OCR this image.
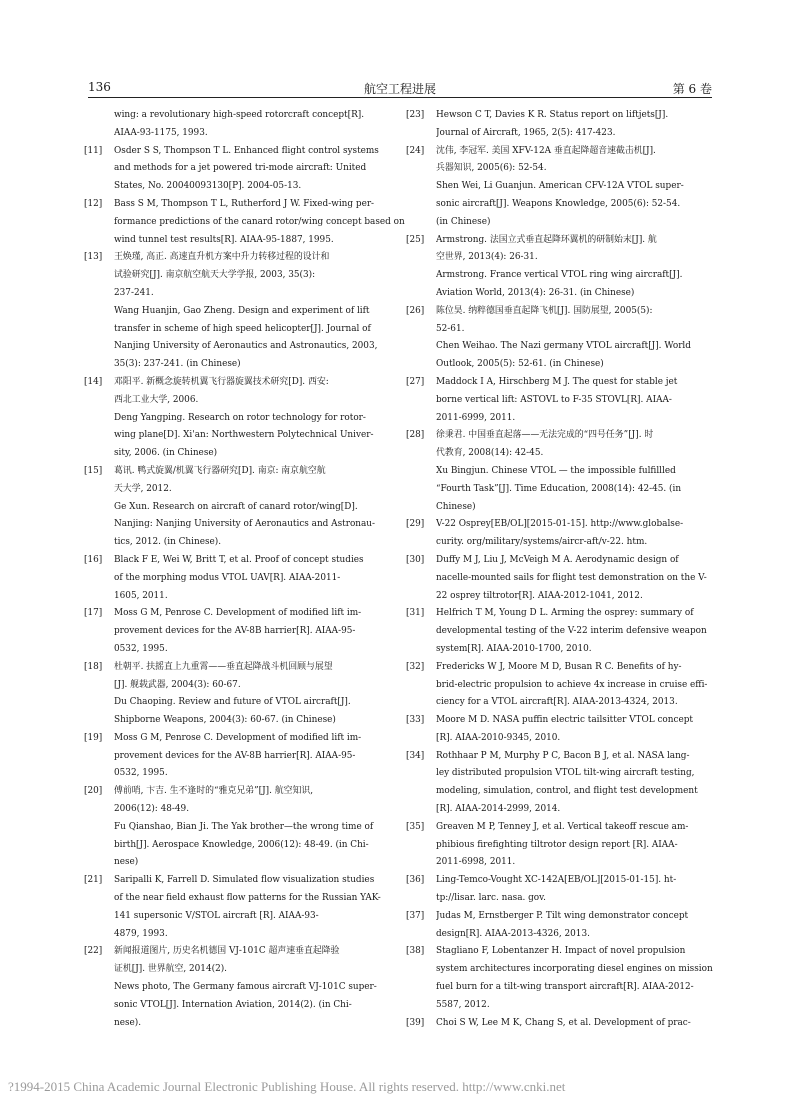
136	航空工程进展	第 6 卷
wing: a revolutionary high-speed rotorcraft concept[R].
AIAA-93-1175, 1993.
[11]	Osder S S, Thompson T L. Enhanced flight control systems
and methods for a jet powered tri-mode aircraft: United
States, No. 20040093130[P]. 2004-05-13.
[12]	Bass S M, Thompson T L, Rutherford J W. Fixed-wing per-
formance predictions of the canard rotor/wing concept based on
wind tunnel test results[R]. AIAA-95-1887, 1995.
[13]	王焕瑾, 高正. 高速直升机方案中升力转移过程的设计和
试验研究[J]. 南京航空航天大学学报, 2003, 35(3):
237-241.
Wang Huanjin, Gao Zheng. Design and experiment of lift
transfer in scheme of high speed helicopter[J]. Journal of
Nanjing University of Aeronautics and Astronautics, 2003,
35(3): 237-241. (in Chinese)
[14]	邓阳平. 新概念旋转机翼飞行器旋翼技术研究[D]. 西安:
西北工业大学, 2006.
Deng Yangping. Research on rotor technology for rotor-
wing plane[D]. Xi'an: Northwestern Polytechnical Univer-
sity, 2006. (in Chinese)
[15]	葛讯. 鸭式旋翼/机翼飞行器研究[D]. 南京: 南京航空航
天大学, 2012.
Ge Xun. Research on aircraft of canard rotor/wing[D].
Nanjing: Nanjing University of Aeronautics and Astronau-
tics, 2012. (in Chinese).
[16]	Black F E, Wei W, Britt T, et al. Proof of concept studies
of the morphing modus VTOL UAV[R]. AIAA-2011-
1605, 2011.
[17]	Moss G M, Penrose C. Development of modified lift im-
provement devices for the AV-8B harrier[R]. AIAA-95-
0532, 1995.
[18]	杜朝平. 扶摇直上九重霄——垂直起降战斗机回顾与展望
[J]. 舰载武器, 2004(3): 60-67.
Du Chaoping. Review and future of VTOL aircraft[J].
Shipborne Weapons, 2004(3): 60-67. (in Chinese)
[19]	Moss G M, Penrose C. Development of modified lift im-
provement devices for the AV-8B harrier[R]. AIAA-95-
0532, 1995.
[20]	傅前哨, 卞吉. 生不逢时的“雅克兄弟”[J]. 航空知识,
2006(12): 48-49.
Fu Qianshao, Bian Ji. The Yak brother—the wrong time of
birth[J]. Aerospace Knowledge, 2006(12): 48-49. (in Chi-
nese)
[21]	Saripalli K, Farrell D. Simulated flow visualization studies
of the near field exhaust flow patterns for the Russian YAK-
141 supersonic V/STOL aircraft [R]. AIAA-93-
4879, 1993.
[22]	新闻报道图片, 历史名机德国 VJ-101C 超声速垂直起降验
证机[J]. 世界航空, 2014(2).
News photo, The Germany famous aircraft VJ-101C super-
sonic VTOL[J]. Internation Aviation, 2014(2). (in Chi-
nese).
[23]	Hewson C T, Davies K R. Status report on liftjets[J].
Journal of Aircraft, 1965, 2(5): 417-423.
[24]	沈伟, 李冠军. 美国 XFV-12A 垂直起降超音速截击机[J].
兵器知识, 2005(6): 52-54.
Shen Wei, Li Guanjun. American CFV-12A VTOL super-
sonic aircraft[J]. Weapons Knowledge, 2005(6): 52-54.
(in Chinese)
[25]	Armstrong. 法国立式垂直起降环翼机的研制始末[J]. 航
空世界, 2013(4): 26-31.
Armstrong. France vertical VTOL ring wing aircraft[J].
Aviation World, 2013(4): 26-31. (in Chinese)
[26]	陈位昊. 纳粹德国垂直起降飞机[J]. 国防展望, 2005(5):
52-61.
Chen Weihao. The Nazi germany VTOL aircraft[J]. World
Outlook, 2005(5): 52-61. (in Chinese)
[27]	Maddock I A, Hirschberg M J. The quest for stable jet
borne vertical lift: ASTOVL to F-35 STOVL[R]. AIAA-
2011-6999, 2011.
[28]	徐秉君. 中国垂直起落——无法完成的“四号任务”[J]. 时
代教育, 2008(14): 42-45.
Xu Bingjun. Chinese VTOL — the impossible fulfillled
“Fourth Task”[J]. Time Education, 2008(14): 42-45. (in
Chinese)
[29]	V-22 Osprey[EB/OL][2015-01-15]. http://www.globalse-
curity. org/military/systems/aircr-aft/v-22. htm.
[30]	Duffy M J, Liu J, McVeigh M A. Aerodynamic design of
nacelle-mounted sails for flight test demonstration on the V-
22 osprey tiltrotor[R]. AIAA-2012-1041, 2012.
[31]	Helfrich T M, Young D L. Arming the osprey: summary of
developmental testing of the V-22 interim defensive weapon
system[R]. AIAA-2010-1700, 2010.
[32]	Fredericks W J, Moore M D, Busan R C. Benefits of hy-
brid-electric propulsion to achieve 4x increase in cruise effi-
ciency for a VTOL aircraft[R]. AIAA-2013-4324, 2013.
[33]	Moore M D. NASA puffin electric tailsitter VTOL concept
[R]. AIAA-2010-9345, 2010.
[34]	Rothhaar P M, Murphy P C, Bacon B J, et al. NASA lang-
ley distributed propulsion VTOL tilt-wing aircraft testing,
modeling, simulation, control, and flight test development
[R]. AIAA-2014-2999, 2014.
[35]	Greaven M P, Tenney J, et al. Vertical takeoff rescue am-
phibious firefighting tiltrotor design report [R]. AIAA-
2011-6998, 2011.
[36]	Ling-Temco-Vought XC-142A[EB/OL][2015-01-15]. ht-
tp://lisar. larc. nasa. gov.
[37]	Judas M, Ernstberger P. Tilt wing demonstrator concept
design[R]. AIAA-2013-4326, 2013.
[38]	Stagliano F, Lobentanzer H. Impact of novel propulsion
system architectures incorporating diesel engines on mission
fuel burn for a tilt-wing transport aircraft[R]. AIAA-2012-
5587, 2012.
[39]	Choi S W, Lee M K, Chang S, et al. Development of prac-
?1994-2015 China Academic Journal Electronic Publishing House. All rights reserved. http://www.cnki.net
